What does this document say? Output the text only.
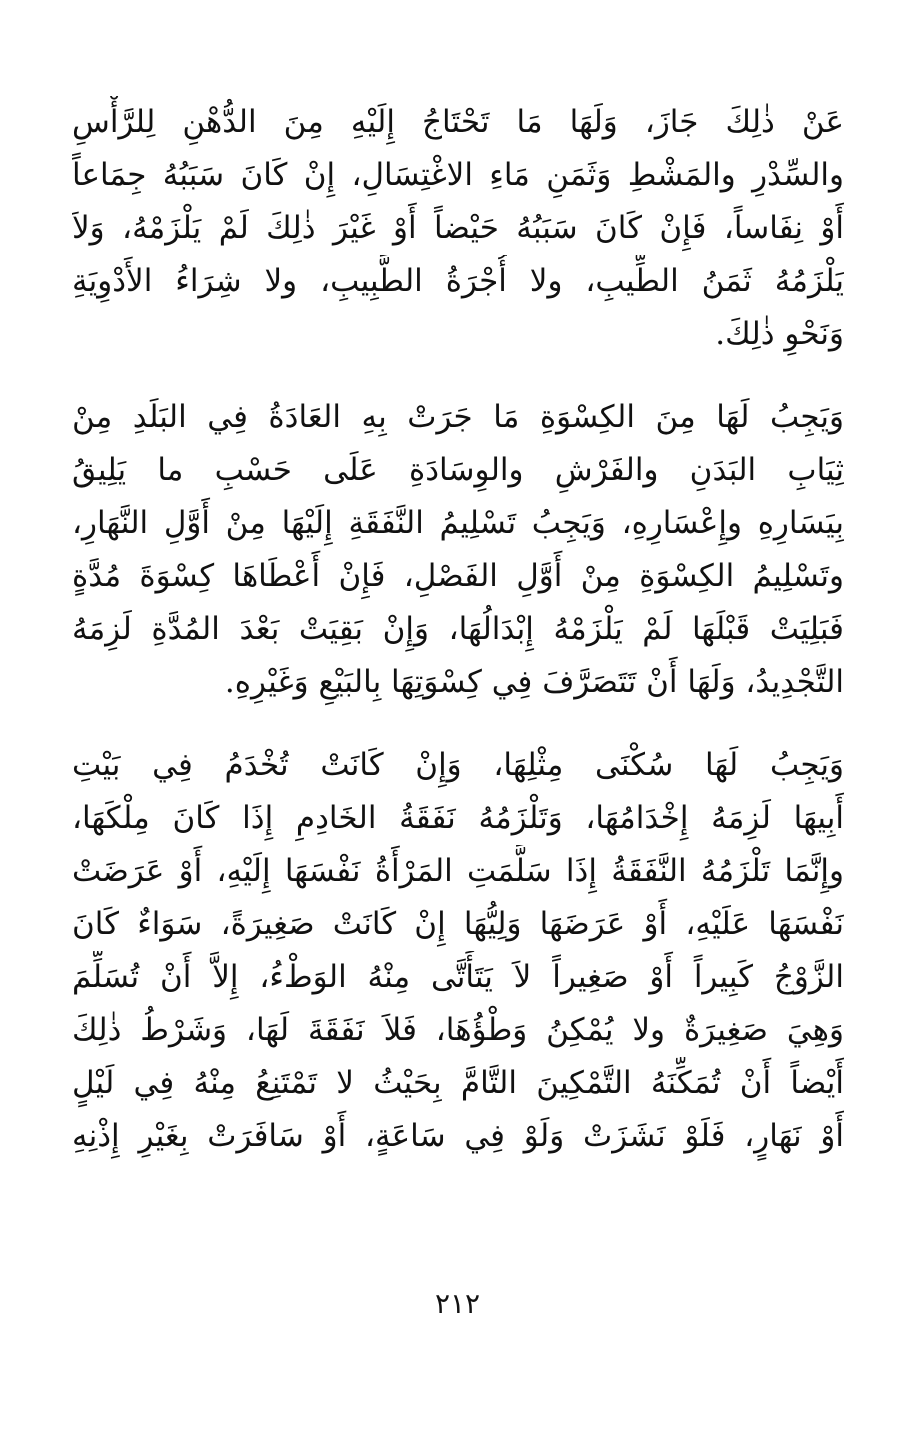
عَنْ ذٰلِكَ جَازَ، وَلَهَا مَا تَحْتَاجُ إِلَيْهِ مِنَ الدُّهْنِ لِلرَّأْسِ
والسِّدْرِ والمَشْطِ وَثَمَنِ مَاءِ الاغْتِسَالِ، إِنْ كَانَ سَبَبُهُ جِمَاعاً
أَوْ نِفَاساً، فَإِنْ كَانَ سَبَبُهُ حَيْضاً أَوْ غَيْرَ ذٰلِكَ لَمْ يَلْزَمْهُ، وَلاَ
يَلْزَمُهُ ثَمَنُ الطِّيبِ، ولا أُجْرَةُ الطَّبِيبِ، ولا شِرَاءُ الأَدْوِيَةِ
وَنَحْوِ ذٰلِكَ.
وَيَجِبُ لَهَا مِنَ الكِسْوَةِ مَا جَرَتْ بِهِ العَادَةُ فِي البَلَدِ مِنْ
ثِيَابِ البَدَنِ والفَرْشِ والوِسَادَةِ عَلَى حَسْبِ ما يَلِيقُ
بِيَسَارِهِ وإِعْسَارِهِ، وَيَجِبُ تَسْلِيمُ النَّفَقَةِ إِلَيْهَا مِنْ أَوَّلِ النَّهَارِ،
وتَسْلِيمُ الكِسْوَةِ مِنْ أَوَّلِ الفَصْلِ، فَإِنْ أَعْطَاهَا كِسْوَةَ مُدَّةٍ
فَبَلِيَتْ قَبْلَهَا لَمْ يَلْزَمْهُ إِبْدَالُهَا، وَإِنْ بَقِيَتْ بَعْدَ المُدَّةِ لَزِمَهُ
التَّجْدِيدُ، وَلَهَا أَنْ تَتَصَرَّفَ فِي كِسْوَتِهَا بِالبَيْعِ وَغَيْرِهِ.
وَيَجِبُ لَهَا سُكْنَى مِثْلِهَا، وَإِنْ كَانَتْ تُخْدَمُ فِي بَيْتِ
أَبِيهَا لَزِمَهُ إِخْدَامُهَا، وَتَلْزَمُهُ نَفَقَةُ الخَادِمِ إِذَا كَانَ مِلْكَهَا،
وإِنَّمَا تَلْزَمُهُ النَّفَقَةُ إِذَا سَلَّمَتِ المَرْأَةُ نَفْسَهَا إِلَيْهِ، أَوْ عَرَضَتْ
نَفْسَهَا عَلَيْهِ، أَوْ عَرَضَهَا وَلِيُّهَا إِنْ كَانَتْ صَغِيرَةً، سَوَاءٌ كَانَ
الزَّوْجُ كَبِيراً أَوْ صَغِيراً لاَ يَتَأَتَّى مِنْهُ الوَطْءُ، إِلاَّ أَنْ تُسَلِّمَ
وَهِيَ صَغِيرَةٌ ولا يُمْكِنُ وَطْؤُهَا، فَلاَ نَفَقَةَ لَهَا، وَشَرْطُ ذٰلِكَ
أَيْضاً أَنْ تُمَكِّنَهُ التَّمْكِينَ التَّامَّ بِحَيْثُ لا تَمْتَنِعُ مِنْهُ فِي لَيْلٍ
أَوْ نَهَارٍ، فَلَوْ نَشَزَتْ وَلَوْ فِي سَاعَةٍ، أَوْ سَافَرَتْ بِغَيْرِ إِذْنِهِ
٢١٢
